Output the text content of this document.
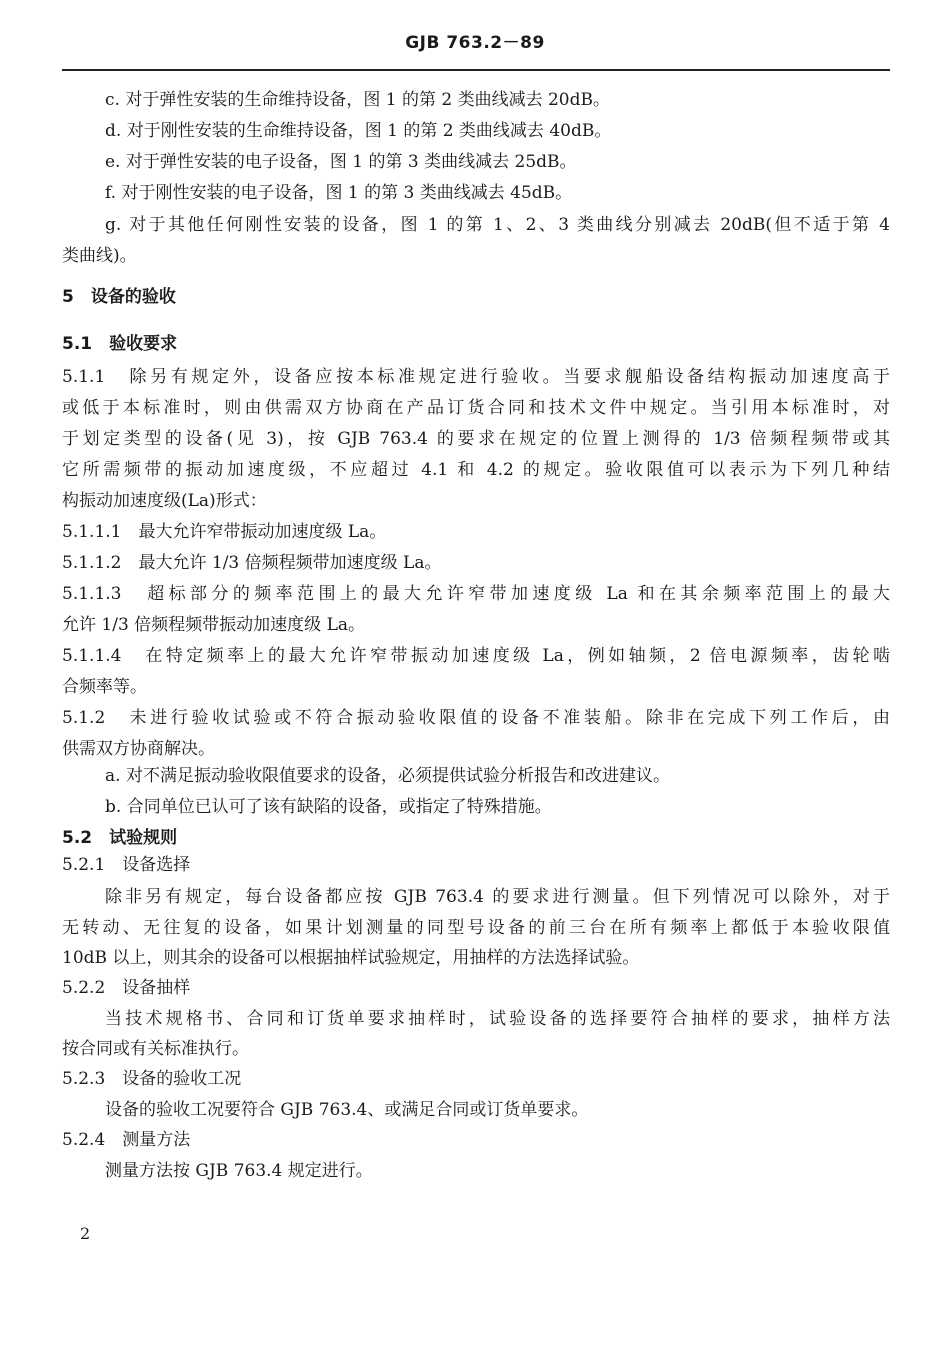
GJB 763.2－89
c. 对于弹性安装的生命维持设备，图 1 的第 2 类曲线减去 20dB。
d. 对于刚性安装的生命维持设备，图 1 的第 2 类曲线减去 40dB。
e. 对于弹性安装的电子设备，图 1 的第 3 类曲线减去 25dB。
f. 对于刚性安装的电子设备，图 1 的第 3 类曲线减去 45dB。
g. 对于其他任何刚性安装的设备，图 1 的第 1、2、3 类曲线分别减去 20dB(但不适于第 4
类曲线)。
5　设备的验收
5.1　验收要求
5.1.1　除另有规定外，设备应按本标准规定进行验收。当要求舰船设备结构振动加速度高于
或低于本标准时，则由供需双方协商在产品订货合同和技术文件中规定。当引用本标准时，对
于划定类型的设备(见 3)，按 GJB 763.4 的要求在规定的位置上测得的 1/3 倍频程频带或其
它所需频带的振动加速度级，不应超过 4.1 和 4.2 的规定。验收限值可以表示为下列几种结
构振动加速度级(La)形式：
5.1.1.1　最大允许窄带振动加速度级 La。
5.1.1.2　最大允许 1/3 倍频程频带加速度级 La。
5.1.1.3　超标部分的频率范围上的最大允许窄带加速度级 La 和在其余频率范围上的最大
允许 1/3 倍频程频带振动加速度级 La。
5.1.1.4　在特定频率上的最大允许窄带振动加速度级 La，例如轴频，2 倍电源频率，齿轮啮
合频率等。
5.1.2　未进行验收试验或不符合振动验收限值的设备不准装船。除非在完成下列工作后，由
供需双方协商解决。
a. 对不满足振动验收限值要求的设备，必须提供试验分析报告和改进建议。
b. 合同单位已认可了该有缺陷的设备，或指定了特殊措施。
5.2　试验规则
5.2.1　设备选择
除非另有规定，每台设备都应按 GJB 763.4 的要求进行测量。但下列情况可以除外，对于
无转动、无往复的设备，如果计划测量的同型号设备的前三台在所有频率上都低于本验收限值
10dB 以上，则其余的设备可以根据抽样试验规定，用抽样的方法选择试验。
5.2.2　设备抽样
当技术规格书、合同和订货单要求抽样时，试验设备的选择要符合抽样的要求，抽样方法
按合同或有关标准执行。
5.2.3　设备的验收工况
设备的验收工况要符合 GJB 763.4、或满足合同或订货单要求。
5.2.4　测量方法
测量方法按 GJB 763.4 规定进行。
2
